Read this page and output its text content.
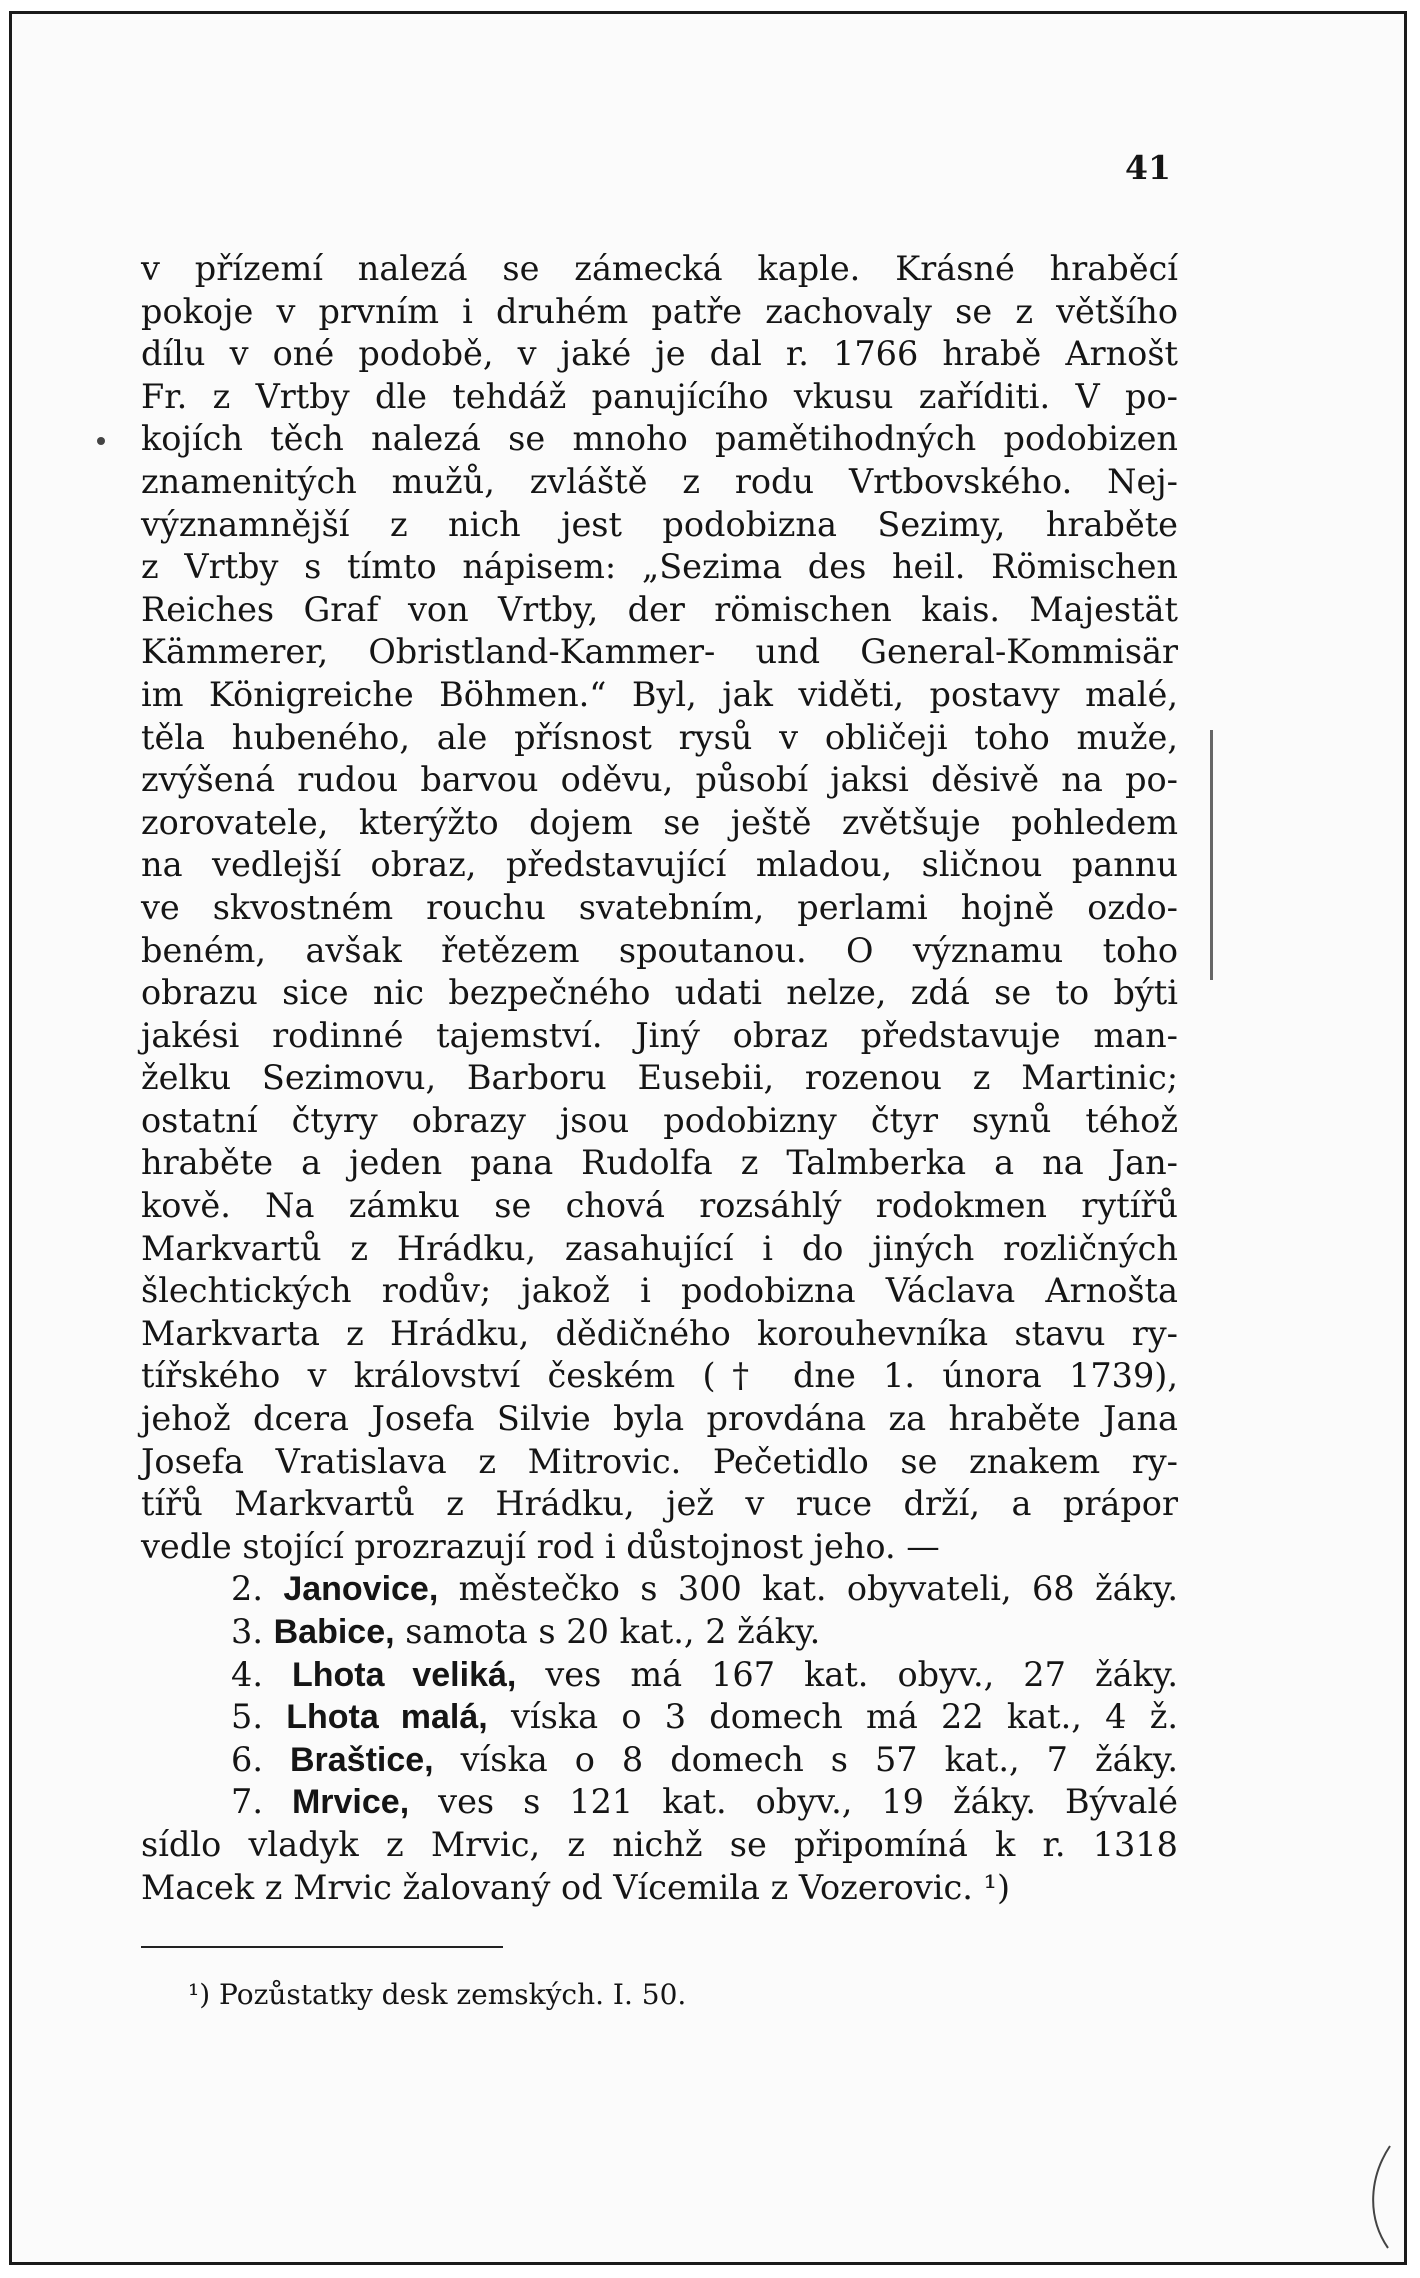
41
v přízemí nalezá se zámecká kaple. Krásné hraběcí
pokoje v prvním i druhém patře zachovaly se z většího
dílu v oné podobě, v jaké je dal r. 1766 hrabě Arnošt
Fr. z Vrtby dle tehdáž panujícího vkusu zaříditi. V po-
kojích těch nalezá se mnoho pamětihodných podobizen
znamenitých mužů, zvláště z rodu Vrtbovského. Nej-
významnější z nich jest podobizna Sezimy, hraběte
z Vrtby s tímto nápisem: „Sezima des heil. Römischen
Reiches Graf von Vrtby, der römischen kais. Majestät
Kämmerer, Obristland-Kammer- und General-Kommisär
im Königreiche Böhmen.“ Byl, jak viděti, postavy malé,
těla hubeného, ale přísnost rysů v obličeji toho muže,
zvýšená rudou barvou oděvu, působí jaksi děsivě na po-
zorovatele, kterýžto dojem se ještě zvětšuje pohledem
na vedlejší obraz, představující mladou, sličnou pannu
ve skvostném rouchu svatebním, perlami hojně ozdo-
beném, avšak řetězem spoutanou. O významu toho
obrazu sice nic bezpečného udati nelze, zdá se to býti
jakési rodinné tajemství. Jiný obraz představuje man-
želku Sezimovu, Barboru Eusebii, rozenou z Martinic;
ostatní čtyry obrazy jsou podobizny čtyr synů téhož
hraběte a jeden pana Rudolfa z Talmberka a na Jan-
kově. Na zámku se chová rozsáhlý rodokmen rytířů
Markvartů z Hrádku, zasahující i do jiných rozličných
šlechtických rodův; jakož i podobizna Václava Arnošta
Markvarta z Hrádku, dědičného korouhevníka stavu ry-
tířského v království českém († dne 1. února 1739),
jehož dcera Josefa Silvie byla provdána za hraběte Jana
Josefa Vratislava z Mitrovic. Pečetidlo se znakem ry-
tířů Markvartů z Hrádku, jež v ruce drží, a prápor
vedle stojící prozrazují rod i důstojnost jeho. —
2. Janovice, městečko s 300 kat. obyvateli, 68 žáky.
3. Babice, samota s 20 kat., 2 žáky.
4. Lhota veliká, ves má 167 kat. obyv., 27 žáky.
5. Lhota malá, víska o 3 domech má 22 kat., 4 ž.
6. Braštice, víska o 8 domech s 57 kat., 7 žáky.
7. Mrvice, ves s 121 kat. obyv., 19 žáky. Bývalé
sídlo vladyk z Mrvic, z nichž se připomíná k r. 1318
Macek z Mrvic žalovaný od Vícemila z Vozerovic. ¹)
¹) Pozůstatky desk zemských. I. 50.
